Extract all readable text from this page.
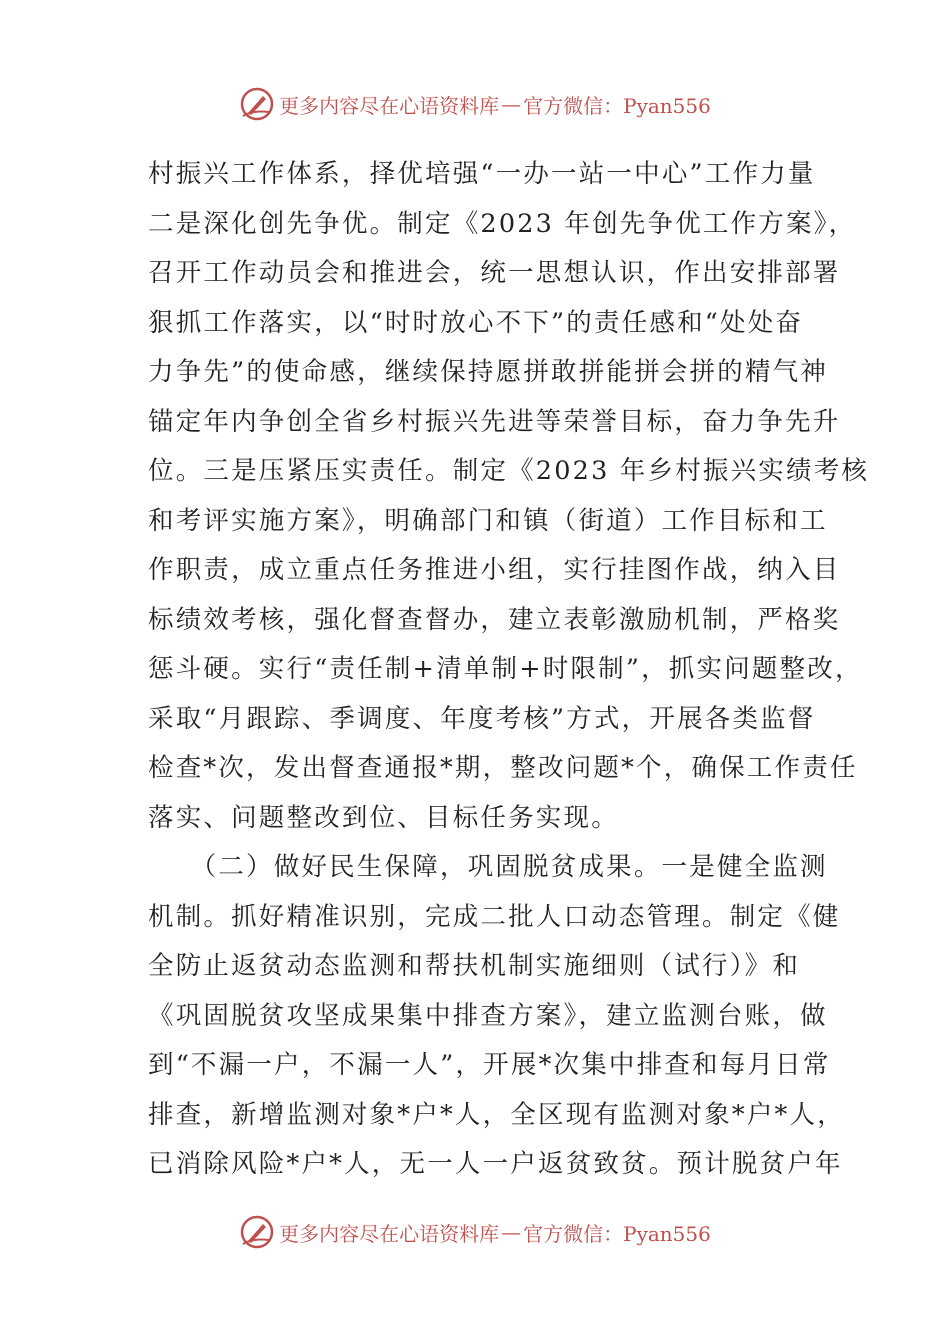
更多内容尽在心语资料库 — 官方微信：Pyan556
村振兴工作体系，择优培强“一办一站一中心”工作力量
二是深化创先争优。制定《2023 年创先争优工作方案》，
召开工作动员会和推进会，统一思想认识，作出安排部署
狠抓工作落实，以“时时放心不下”的责任感和“处处奋
力争先”的使命感，继续保持愿拼敢拼能拼会拼的精气神
锚定年内争创全省乡村振兴先进等荣誉目标，奋力争先升
位。三是压紧压实责任。制定《2023 年乡村振兴实绩考核
和考评实施方案》，明确部门和镇（街道）工作目标和工
作职责，成立重点任务推进小组，实行挂图作战，纳入目
标绩效考核，强化督查督办，建立表彰激励机制，严格奖
惩斗硬。实行“责任制+清单制+时限制”，抓实问题整改，
采取“月跟踪、季调度、年度考核”方式，开展各类监督
检查*次，发出督查通报*期，整改问题*个，确保工作责任
落实、问题整改到位、目标任务实现。
　　（二）做好民生保障，巩固脱贫成果。一是健全监测
机制。抓好精准识别，完成二批人口动态管理。制定《健
全防止返贫动态监测和帮扶机制实施细则（试行）》和
《巩固脱贫攻坚成果集中排查方案》，建立监测台账，做
到“不漏一户，不漏一人”，开展*次集中排查和每月日常
排查，新增监测对象*户*人，全区现有监测对象*户*人，
已消除风险*户*人，无一人一户返贫致贫。预计脱贫户年
更多内容尽在心语资料库 — 官方微信：Pyan556
